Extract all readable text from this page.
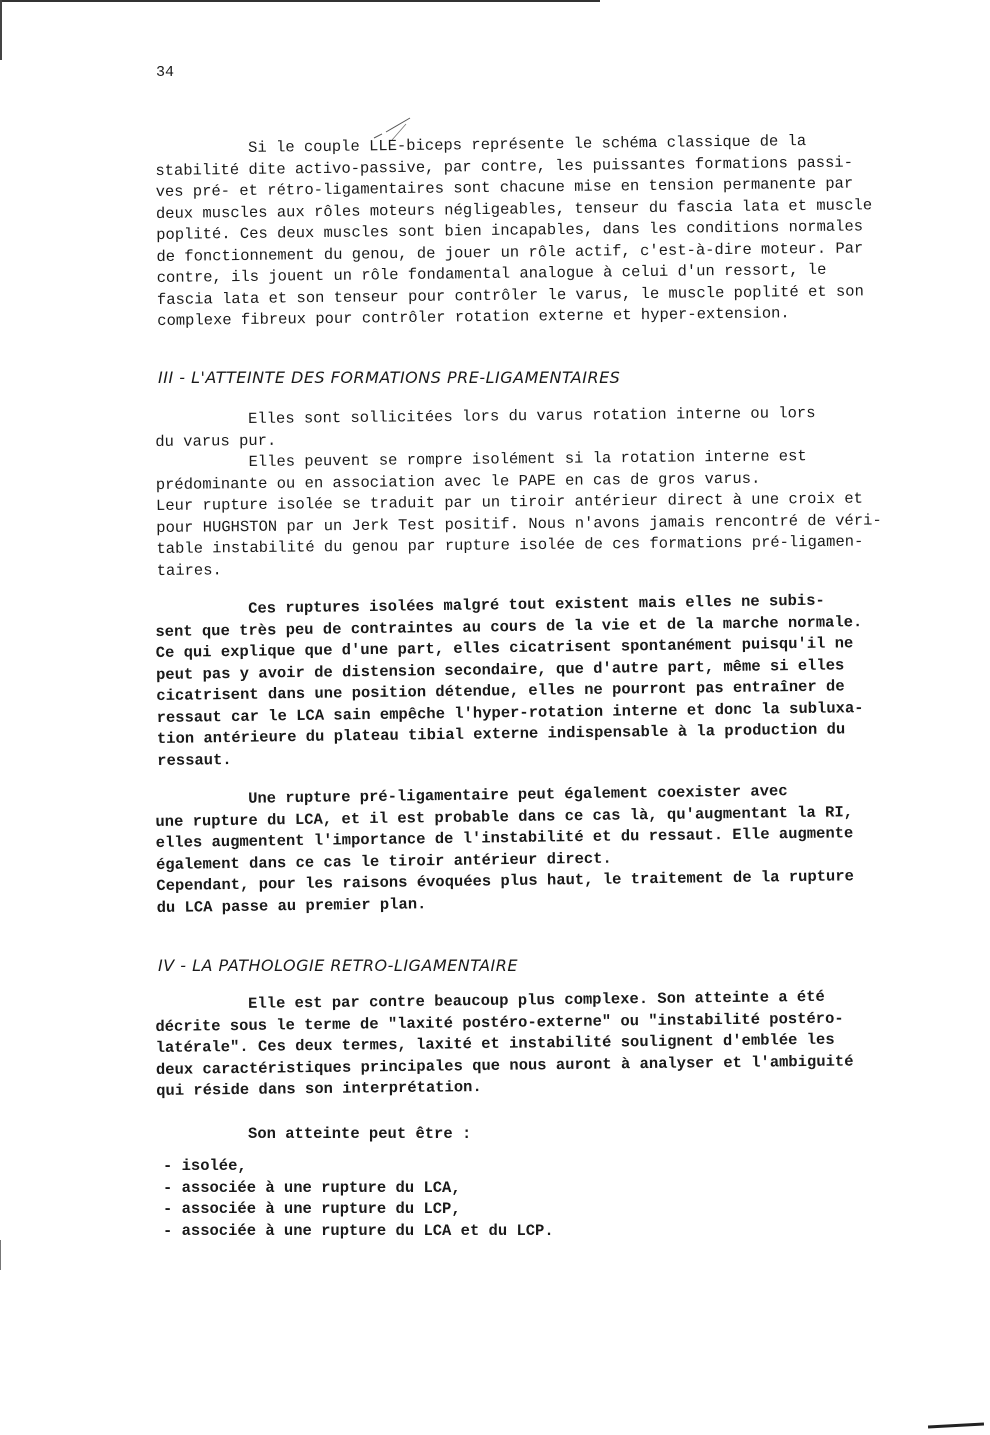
34
Si le couple LLE-biceps représente le schéma classique de la
stabilité dite activo-passive, par contre, les puissantes formations passi-
ves pré- et rétro-ligamentaires sont chacune mise en tension permanente par
deux muscles aux rôles moteurs négligeables, tenseur du fascia lata et muscle
poplité. Ces deux muscles sont bien incapables, dans les conditions normales
de fonctionnement du genou, de jouer un rôle actif, c'est-à-dire moteur. Par
contre, ils jouent un rôle fondamental analogue à celui d'un ressort, le
fascia lata et son tenseur pour contrôler le varus, le muscle poplité et son
complexe fibreux pour contrôler rotation externe et hyper-extension.
III - L'ATTEINTE DES FORMATIONS PRE-LIGAMENTAIRES
Elles sont sollicitées lors du varus rotation interne ou lors
du varus pur.
Elles peuvent se rompre isolément si la rotation interne est
prédominante ou en association avec le PAPE en cas de gros varus.
Leur rupture isolée se traduit par un tiroir antérieur direct à une croix et
pour HUGHSTON par un Jerk Test positif. Nous n'avons jamais rencontré de véri-
table instabilité du genou par rupture isolée de ces formations pré-ligamen-
taires.
Ces ruptures isolées malgré tout existent mais elles ne subis-
sent que très peu de contraintes au cours de la vie et de la marche normale.
Ce qui explique que d'une part, elles cicatrisent spontanément puisqu'il ne
peut pas y avoir de distension secondaire, que d'autre part, même si elles
cicatrisent dans une position détendue, elles ne pourront pas entraîner de
ressaut car le LCA sain empêche l'hyper-rotation interne et donc la subluxa-
tion antérieure du plateau tibial externe indispensable à la production du
ressaut.
Une rupture pré-ligamentaire peut également coexister avec
une rupture du LCA, et il est probable dans ce cas là, qu'augmentant la RI,
elles augmentent l'importance de l'instabilité et du ressaut. Elle augmente
également dans ce cas le tiroir antérieur direct.
Cependant, pour les raisons évoquées plus haut, le traitement de la rupture
du LCA passe au premier plan.
IV - LA PATHOLOGIE RETRO-LIGAMENTAIRE
Elle est par contre beaucoup plus complexe. Son atteinte a été
décrite sous le terme de "laxité postéro-externe" ou "instabilité postéro-
latérale". Ces deux termes, laxité et instabilité soulignent d'emblée les
deux caractéristiques principales que nous auront à analyser et l'ambiguité
qui réside dans son interprétation.
Son atteinte peut être :
- isolée,
- associée à une rupture du LCA,
- associée à une rupture du LCP,
- associée à une rupture du LCA et du LCP.
